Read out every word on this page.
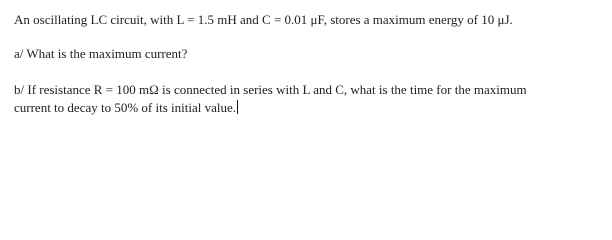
An oscillating LC circuit, with L = 1.5 mH and C = 0.01 μF, stores a maximum energy of 10 μJ.
a/ What is the maximum current?
b/ If resistance R = 100 mΩ is connected in series with L and C, what is the time for the maximum
current to decay to 50% of its initial value.
